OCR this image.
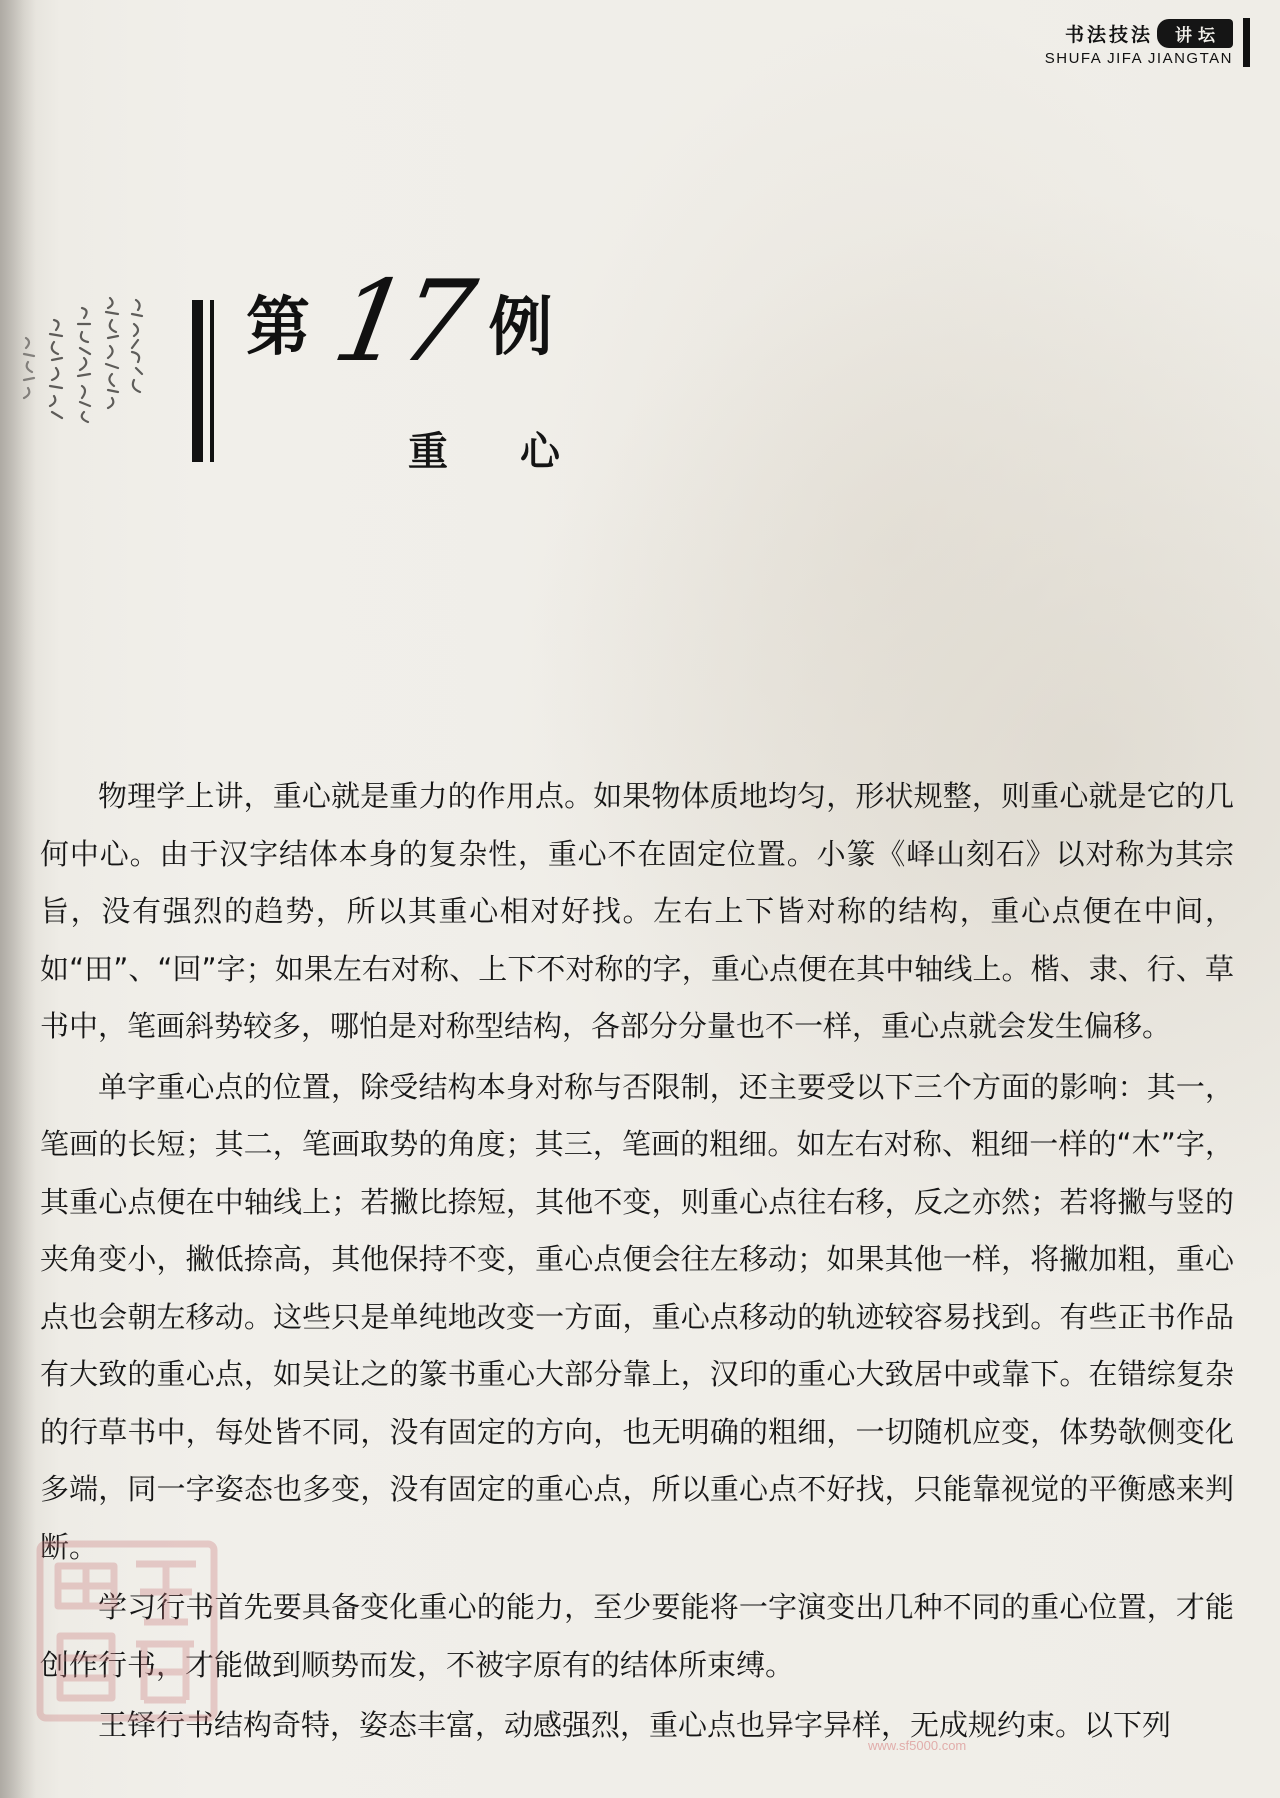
书法技法	讲坛
SHUFA JIFA JIANGTAN
第 17 例
重心

物理学上讲，重心就是重力的作用点。如果物体质地均匀，形状规整，则重心就是它的几何中心。由于汉字结体本身的复杂性，重心不在固定位置。小篆《峄山刻石》以对称为其宗旨，没有强烈的趋势，所以其重心相对好找。左右上下皆对称的结构，重心点便在中间，如“田”、“回”字；如果左右对称、上下不对称的字，重心点便在其中轴线上。楷、隶、行、草书中，笔画斜势较多，哪怕是对称型结构，各部分分量也不一样，重心点就会发生偏移。

单字重心点的位置，除受结构本身对称与否限制，还主要受以下三个方面的影响：其一，笔画的长短；其二，笔画取势的角度；其三，笔画的粗细。如左右对称、粗细一样的“木”字，其重心点便在中轴线上；若撇比捺短，其他不变，则重心点往右移，反之亦然；若将撇与竖的夹角变小，撇低捺高，其他保持不变，重心点便会往左移动；如果其他一样，将撇加粗，重心点也会朝左移动。这些只是单纯地改变一方面，重心点移动的轨迹较容易找到。有些正书作品有大致的重心点，如吴让之的篆书重心大部分靠上，汉印的重心大致居中或靠下。在错综复杂的行草书中，每处皆不同，没有固定的方向，也无明确的粗细，一切随机应变，体势欹侧变化多端，同一字姿态也多变，没有固定的重心点，所以重心点不好找，只能靠视觉的平衡感来判断。

学习行书首先要具备变化重心的能力，至少要能将一字演变出几种不同的重心位置，才能创作行书，才能做到顺势而发，不被字原有的结体所束缚。

王铎行书结构奇特，姿态丰富，动感强烈，重心点也异字异样，无成规约束。以下列

www.sf5000.com
